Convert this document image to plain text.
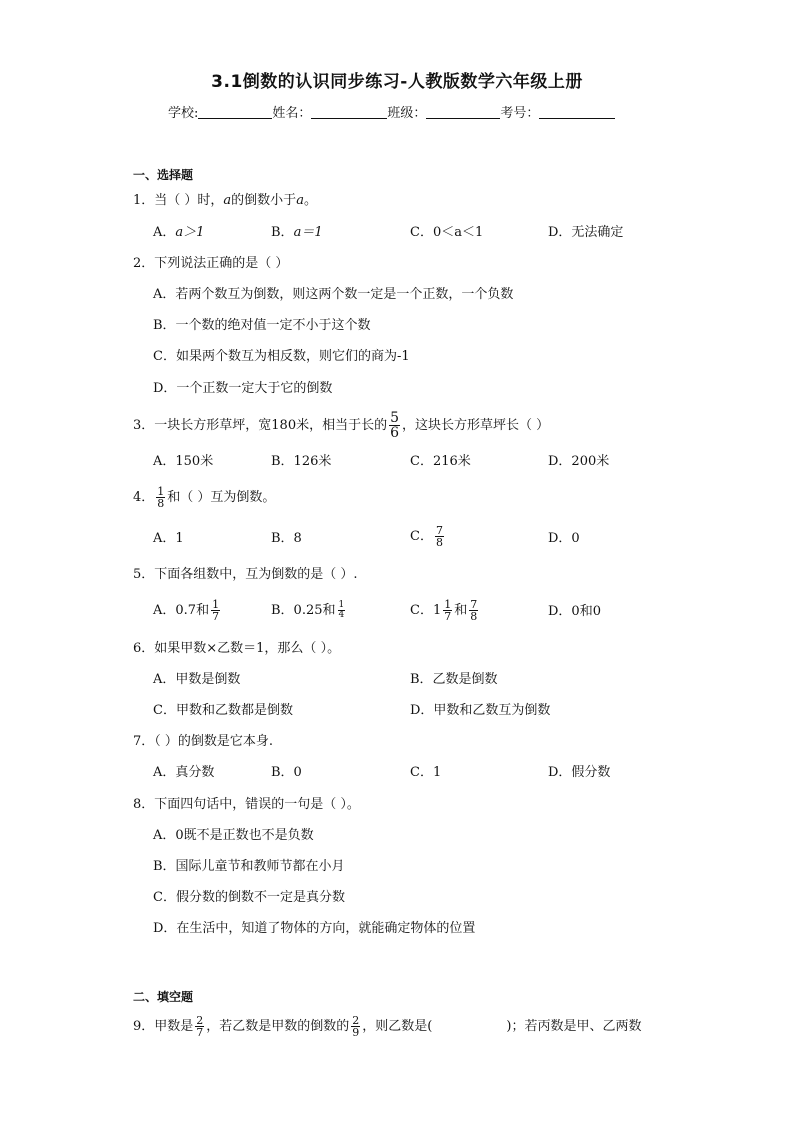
3.1倒数的认识同步练习-人教版数学六年级上册
学校:	姓名：	班级：	考号：
一、选择题
1．当（ ）时，a的倒数小于a。
A．a＞1	B．a＝1	C．0＜a＜1	D．无法确定
2．下列说法正确的是（ ）
A．若两个数互为倒数，则这两个数一定是一个正数，一个负数
B．一个数的绝对值一定不小于这个数
C．如果两个数互为相反数，则它们的商为-1
D．一个正数一定大于它的倒数
3．一块长方形草坪，宽180米，相当于长的 $\frac{5}{6}$ ，这块长方形草坪长（ ）
A．150米	B．126米	C．216米	D．200米
4． $\frac{1}{8}$ 和（ ）互为倒数。
A．1	B．8	C． $\frac{7}{8}$	D．0
5．下面各组数中，互为倒数的是（ ）.
A．0.7和 $\frac{1}{7}$	B．0.25和 $\frac{1}{4}$	C．$1 \frac{1}{7}$ 和 $\frac{7}{8}$	D．0和0
6．如果甲数×乙数＝1，那么（ ）。
A．甲数是倒数	B．乙数是倒数
C．甲数和乙数都是倒数	D．甲数和乙数互为倒数
7．（ ）的倒数是它本身.
A．真分数	B．0	C．1	D．假分数
8．下面四句话中，错误的一句是（ ）。
A．0既不是正数也不是负数
B．国际儿童节和教师节都在小月
C．假分数的倒数不一定是真分数
D．在生活中，知道了物体的方向，就能确定物体的位置
二、填空题
9．甲数是 $\frac{2}{7}$ ，若乙数是甲数的倒数的 $\frac{2}{9}$ ，则乙数是(	)；若丙数是甲、乙两数
